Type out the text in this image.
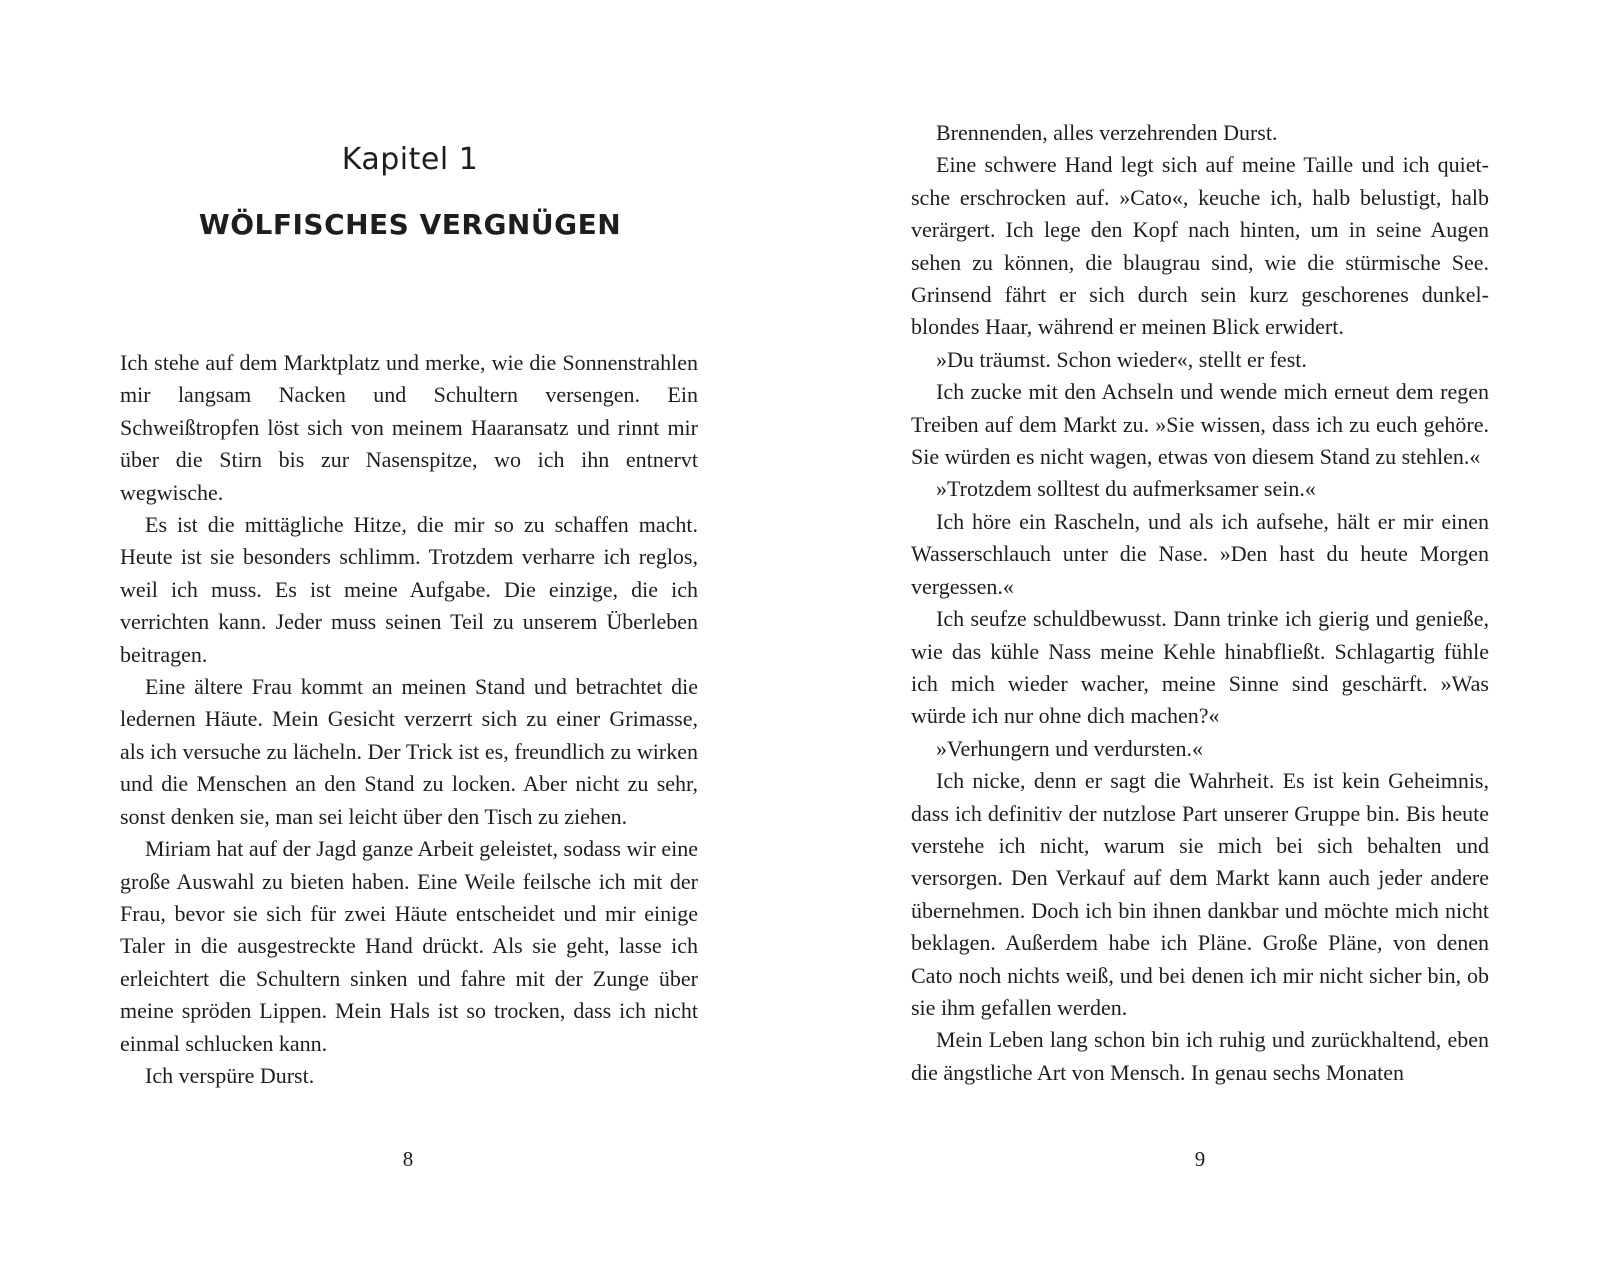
Kapitel 1
WÖLFISCHES VERGNÜGEN

Ich stehe auf dem Marktplatz und merke, wie die Sonnenstrahlen mir langsam Nacken und Schultern versengen. Ein Schweißtropfen löst sich von meinem Haaransatz und rinnt mir über die Stirn bis zur Nasenspitze, wo ich ihn entnervt wegwische.

Es ist die mittägliche Hitze, die mir so zu schaffen macht. Heute ist sie besonders schlimm. Trotzdem verharre ich reglos, weil ich muss. Es ist meine Aufgabe. Die einzige, die ich verrichten kann. Jeder muss seinen Teil zu unserem Überleben beitragen.

Eine ältere Frau kommt an meinen Stand und betrachtet die ledernen Häute. Mein Gesicht verzerrt sich zu einer Grimasse, als ich versuche zu lächeln. Der Trick ist es, freundlich zu wirken und die Menschen an den Stand zu locken. Aber nicht zu sehr, sonst denken sie, man sei leicht über den Tisch zu ziehen.

Miriam hat auf der Jagd ganze Arbeit geleistet, sodass wir eine große Auswahl zu bieten haben. Eine Weile feilsche ich mit der Frau, bevor sie sich für zwei Häute entscheidet und mir einige Taler in die ausgestreckte Hand drückt. Als sie geht, lasse ich erleichtert die Schultern sinken und fahre mit der Zunge über meine spröden Lippen. Mein Hals ist so trocken, dass ich nicht einmal schlucken kann.

Ich verspüre Durst.

8

Brennenden, alles verzehrenden Durst.

Eine schwere Hand legt sich auf meine Taille und ich quietsche erschrocken auf. »Cato«, keuche ich, halb belustigt, halb verärgert. Ich lege den Kopf nach hinten, um in seine Augen sehen zu können, die blaugrau sind, wie die stürmische See. Grinsend fährt er sich durch sein kurz geschorenes dunkelblondes Haar, während er meinen Blick erwidert.

»Du träumst. Schon wieder«, stellt er fest.

Ich zucke mit den Achseln und wende mich erneut dem regen Treiben auf dem Markt zu. »Sie wissen, dass ich zu euch gehöre. Sie würden es nicht wagen, etwas von diesem Stand zu stehlen.«

»Trotzdem solltest du aufmerksamer sein.«

Ich höre ein Rascheln, und als ich aufsehe, hält er mir einen Wasserschlauch unter die Nase. »Den hast du heute Morgen vergessen.«

Ich seufze schuldbewusst. Dann trinke ich gierig und genieße, wie das kühle Nass meine Kehle hinabfließt. Schlagartig fühle ich mich wieder wacher, meine Sinne sind geschärft. »Was würde ich nur ohne dich machen?«

»Verhungern und verdursten.«

Ich nicke, denn er sagt die Wahrheit. Es ist kein Geheimnis, dass ich definitiv der nutzlose Part unserer Gruppe bin. Bis heute verstehe ich nicht, warum sie mich bei sich behalten und versorgen. Den Verkauf auf dem Markt kann auch jeder andere übernehmen. Doch ich bin ihnen dankbar und möchte mich nicht beklagen. Außerdem habe ich Pläne. Große Pläne, von denen Cato noch nichts weiß, und bei denen ich mir nicht sicher bin, ob sie ihm gefallen werden.

Mein Leben lang schon bin ich ruhig und zurückhaltend, eben die ängstliche Art von Mensch. In genau sechs Monaten

9
